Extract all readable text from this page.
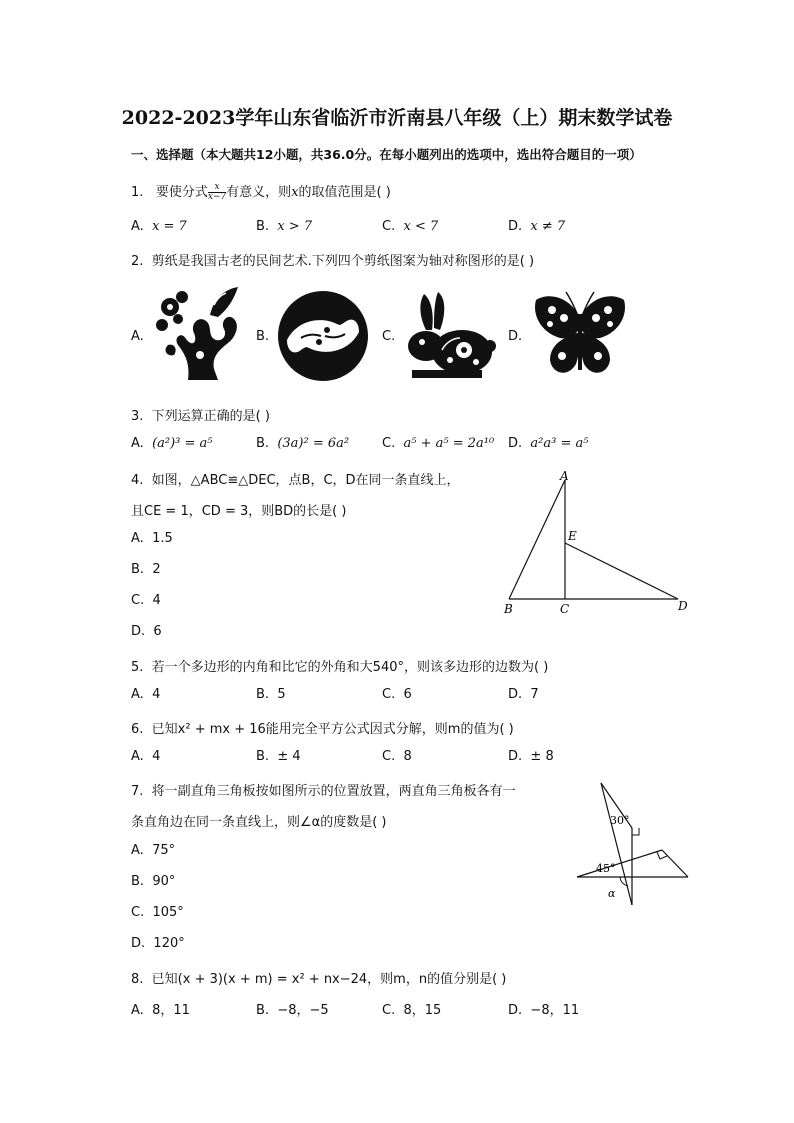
2022-2023学年山东省临沂市沂南县八年级（上）期末数学试卷
一、选择题（本大题共12小题，共36.0分。在每小题列出的选项中，选出符合题目的一项）
1. 要使分式 $\frac{x}{x-7}$ 有意义，则x的取值范围是( )
A. x = 7	B. x > 7	C. x < 7	D. x ≠ 7
2. 剪纸是我国古老的民间艺术.下列四个剪纸图案为轴对称图形的是( )
A.	B.	C.	D.
3. 下列运算正确的是( )
A. (a²)³ = a⁵	B. (3a)² = 6a²	C. a⁵ + a⁵ = 2a¹⁰ D. a²a³ = a⁵
4. 如图，△ABC≌△DEC，点B，C，D在同一条直线上，
且CE = 1，CD = 3，则BD的长是( )
A. 1.5
B. 2
C. 4
D. 6
A
E
B	C	D
5. 若一个多边形的内角和比它的外角和大540°，则该多边形的边数为( )
A. 4	B. 5	C. 6	D. 7
6. 已知x² + mx + 16能用完全平方公式因式分解，则m的值为( )
A. 4	B. ± 4	C. 8	D. ± 8
7. 将一副直角三角板按如图所示的位置放置，两直角三角板各有一
条直角边在同一条直线上，则∠α的度数是( )
A. 75°
B. 90°
C. 105°
D. 120°
30°
45°
α
8. 已知(x + 3)(x + m) = x² + nx−24，则m，n的值分别是( )
A. 8，11	B. −8，−5	C. 8，15	D. −8，11
